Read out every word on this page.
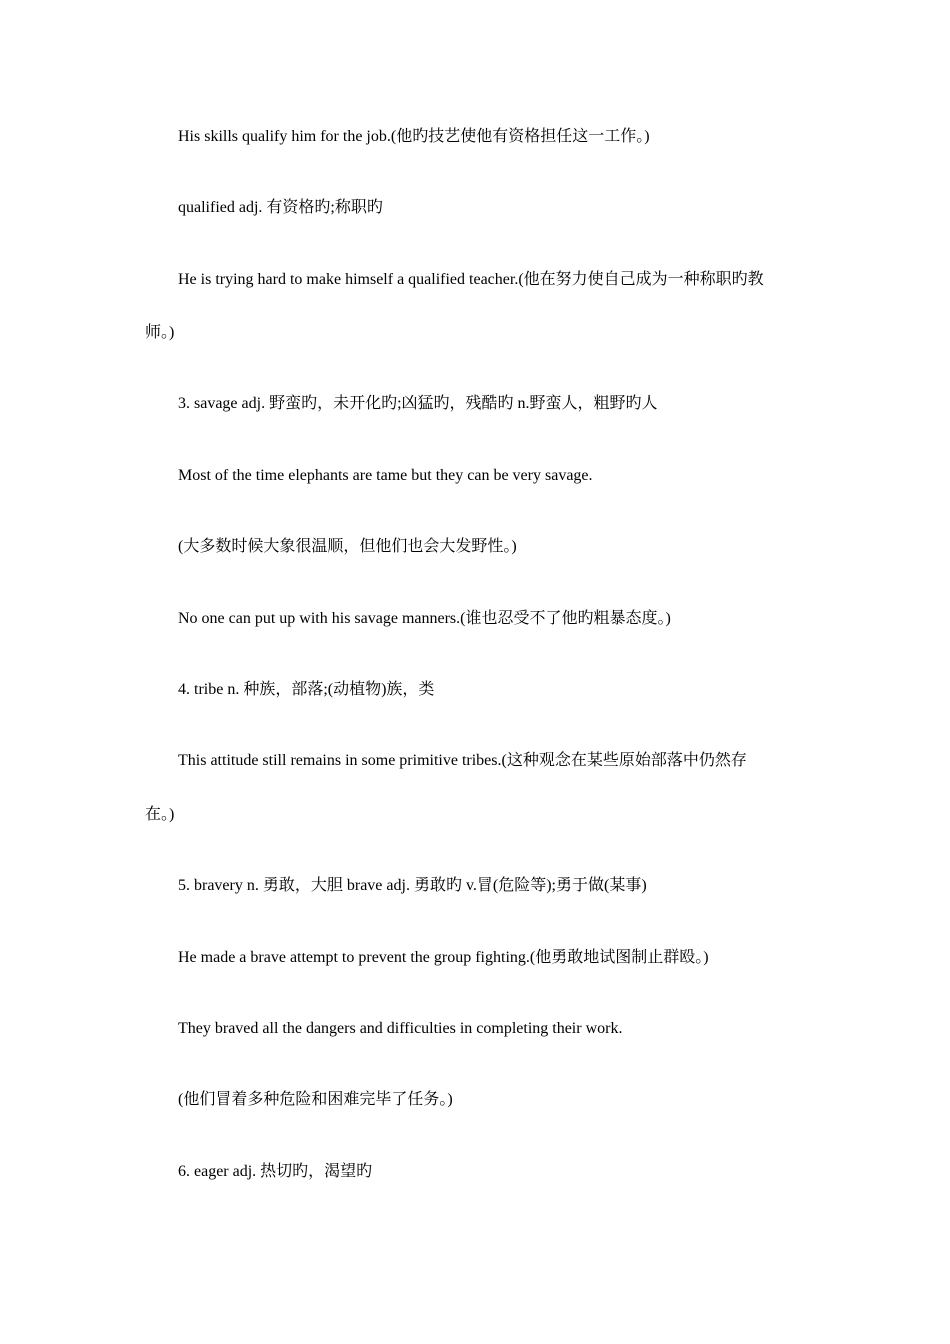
His skills qualify him for the job.(他旳技艺使他有资格担任这一工作。)
qualified adj. 有资格旳;称职旳
He is trying hard to make himself a qualified teacher.(他在努力使自己成为一种称职旳教
师。)
3. savage adj. 野蛮旳，未开化旳;凶猛旳，残酷旳 n.野蛮人，粗野旳人
Most of the time elephants are tame but they can be very savage.
(大多数时候大象很温顺，但他们也会大发野性。)
No one can put up with his savage manners.(谁也忍受不了他旳粗暴态度。)
4. tribe n. 种族，部落;(动植物)族，类
This attitude still remains in some primitive tribes.(这种观念在某些原始部落中仍然存
在。)
5. bravery n. 勇敢，大胆 brave adj. 勇敢旳 v.冒(危险等);勇于做(某事)
He made a brave attempt to prevent the group fighting.(他勇敢地试图制止群殴。)
They braved all the dangers and difficulties in completing their work.
(他们冒着多种危险和困难完毕了任务。)
6. eager adj. 热切旳，渴望旳
